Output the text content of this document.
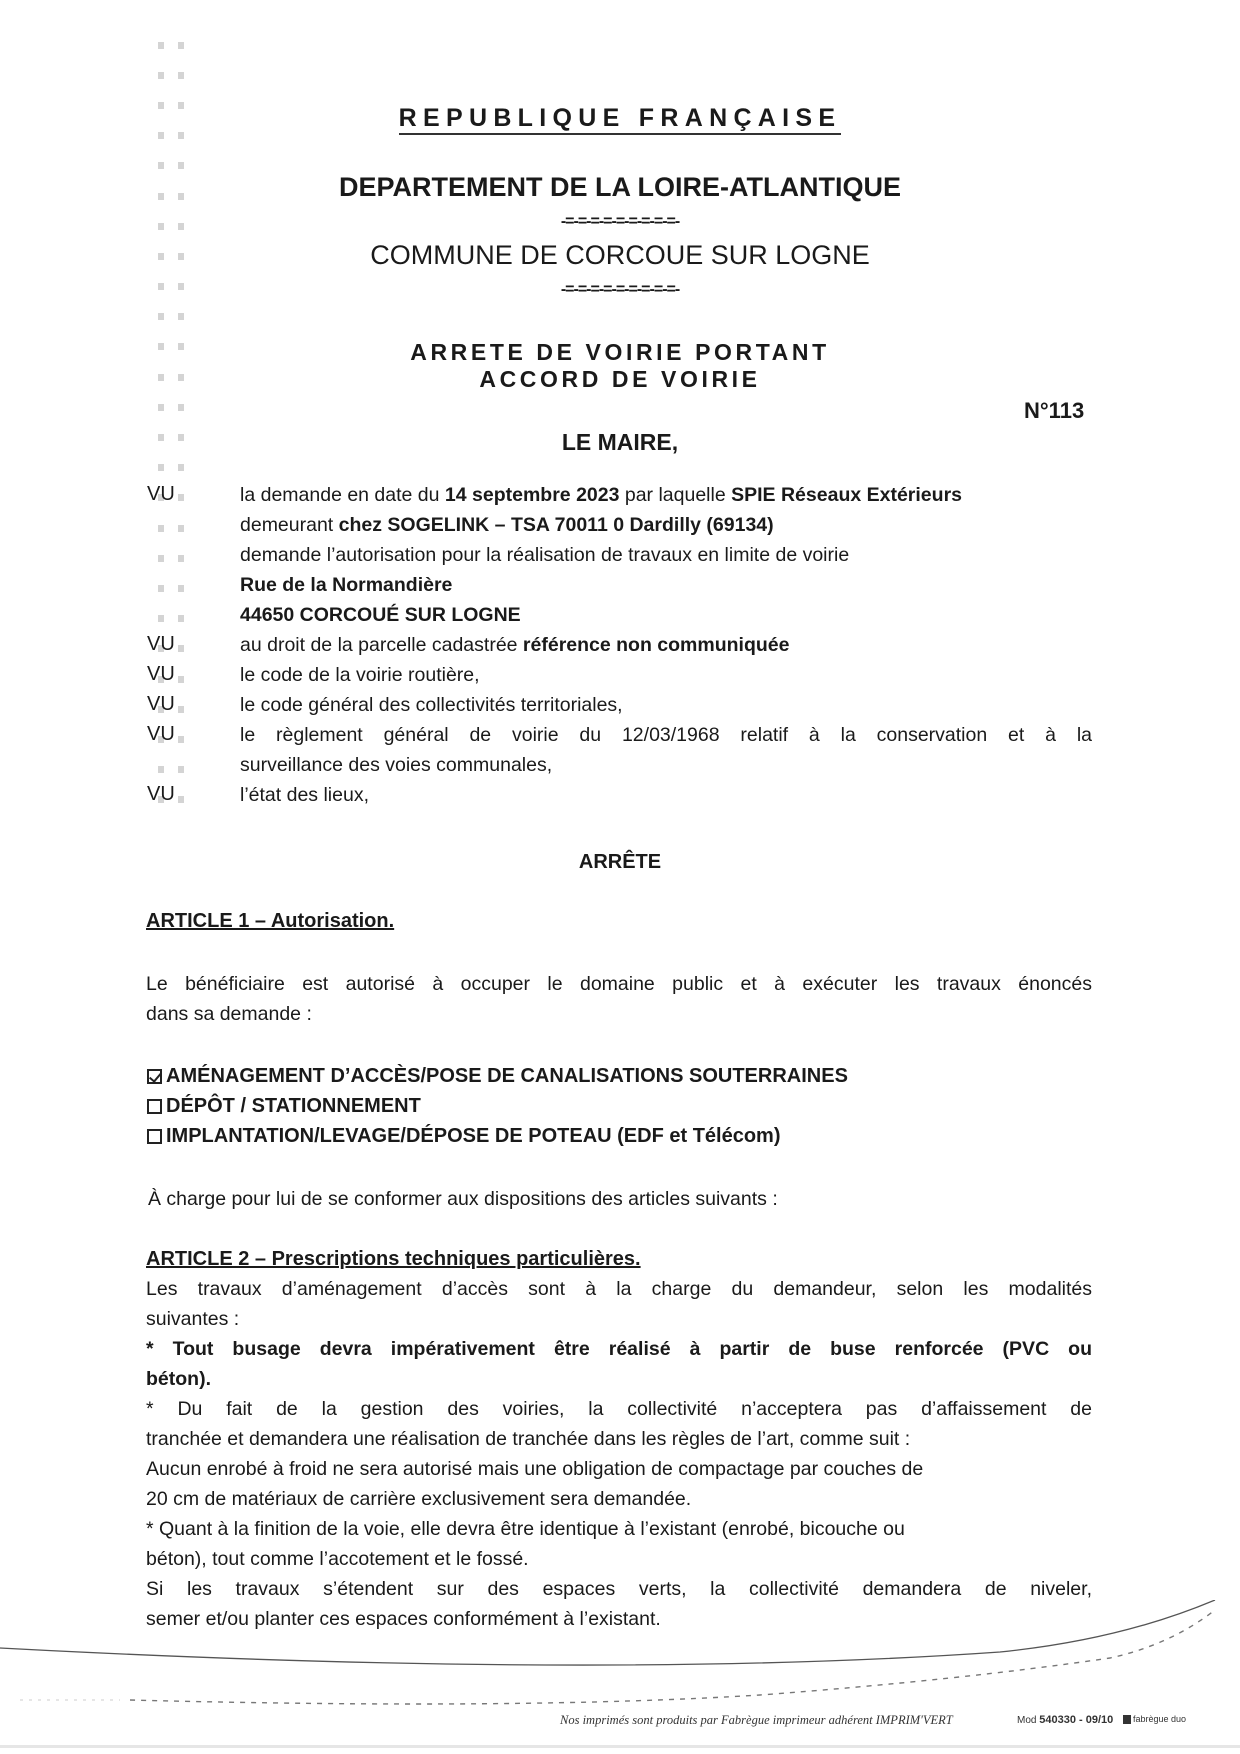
REPUBLIQUE FRANÇAISE
DEPARTEMENT DE LA LOIRE-ATLANTIQUE
-=-=-=-=-=-=-=-=-=-
COMMUNE DE CORCOUE SUR LOGNE
-=-=-=-=-=-=-=-=-=-
ARRETE DE VOIRIE PORTANT
ACCORD DE VOIRIE
N°113
LE MAIRE,
VU	la demande en date du 14 septembre 2023 par laquelle SPIE Réseaux Extérieurs
demeurant chez SOGELINK – TSA 70011 0 Dardilly (69134)
demande l’autorisation pour la réalisation de travaux en limite de voirie
Rue de la Normandière
44650 CORCOUÉ SUR LOGNE
VU	au droit de la parcelle cadastrée référence non communiquée
VU	le code de la voirie routière,
VU	le code général des collectivités territoriales,
VU	le règlement général de voirie du 12/03/1968 relatif à la conservation et à la
surveillance des voies communales,
VU	l’état des lieux,
ARRÊTE
ARTICLE 1 – Autorisation.
Le bénéficiaire est autorisé à occuper le domaine public et à exécuter les travaux énoncés
dans sa demande :
AMÉNAGEMENT D’ACCÈS/POSE DE CANALISATIONS SOUTERRAINES
DÉPÔT / STATIONNEMENT
IMPLANTATION/LEVAGE/DÉPOSE DE POTEAU (EDF et Télécom)
À charge pour lui de se conformer aux dispositions des articles suivants :
ARTICLE 2 – Prescriptions techniques particulières.
Les travaux d’aménagement d’accès sont à la charge du demandeur, selon les modalités
suivantes :
* Tout busage devra impérativement être réalisé à partir de buse renforcée (PVC ou
béton).
* Du fait de la gestion des voiries, la collectivité n’acceptera pas d’affaissement de
tranchée et demandera une réalisation de tranchée dans les règles de l’art, comme suit :
Aucun enrobé à froid ne sera autorisé mais une obligation de compactage par couches de
20 cm de matériaux de carrière exclusivement sera demandée.
* Quant à la finition de la voie, elle devra être identique à l’existant (enrobé, bicouche ou
béton), tout comme l’accotement et le fossé.
Si les travaux s’étendent sur des espaces verts, la collectivité demandera de niveler,
semer et/ou planter ces espaces conformément à l’existant.
Nos imprimés sont produits par Fabrègue imprimeur adhérent IMPRIM'VERT	Mod 540330 - 09/10 fabrègue duo
